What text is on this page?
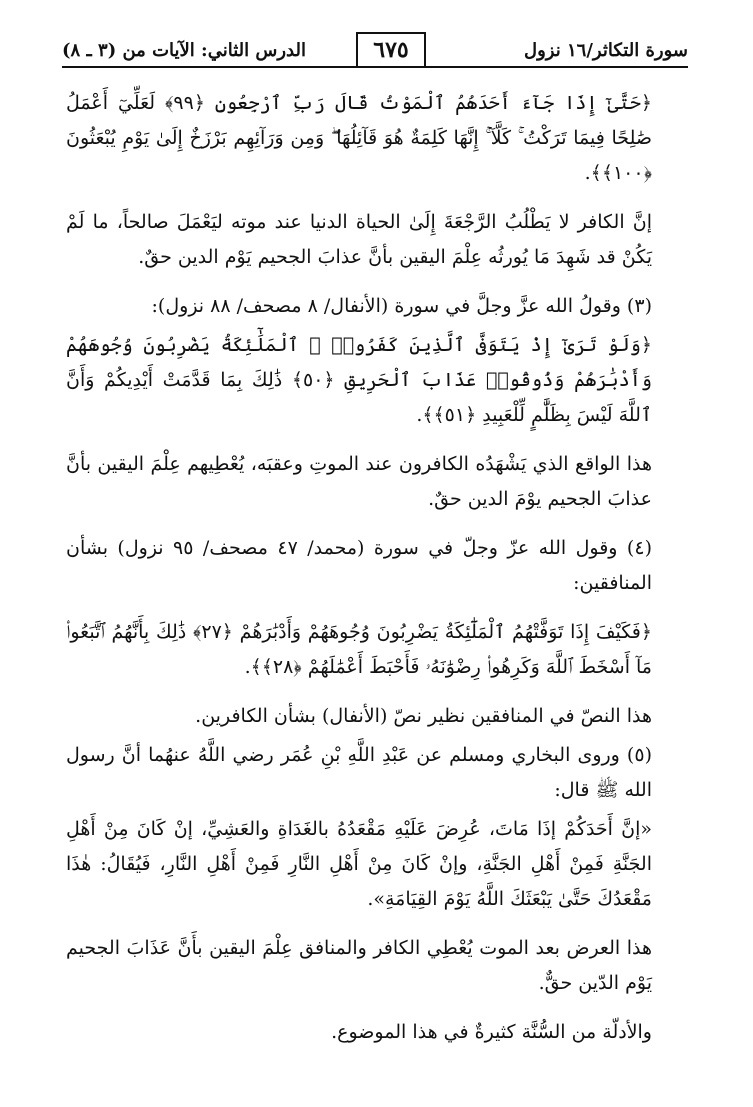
سورة التكاثر/١٦ نزول
٦٧٥
الدرس الثاني: الآيات من (٣ ـ ٨)

﴿حَتَّىٰٓ إِذَا جَآءَ أَحَدَهُمُ ٱلْمَوْتُ قَالَ رَبِّ ٱرْجِعُونِ ﴿٩٩﴾ لَعَلِّيٓ أَعْمَلُ صَٰلِحًا فِيمَا تَرَكْتُ ۚ كَلَّآ ۚ إِنَّهَا كَلِمَةٌ هُوَ قَآئِلُهَا ۖ وَمِن وَرَآئِهِم بَرْزَخٌ إِلَىٰ يَوْمِ يُبْعَثُونَ ﴿١٠٠﴾﴾.

إنَّ الكافر لا يَطْلُبُ الرَّجْعَةَ إِلَىٰ الحياة الدنيا عند موته ليَعْمَلَ صالحاً، ما لَمْ يَكُنْ قد شَهِدَ مَا يُورثُه عِلْمَ اليقين بأنَّ عذابَ الجحيم يَوْم الدين حقٌ.

(٣) وقولُ الله عزَّ وجلَّ في سورة (الأنفال/ ٨ مصحف/ ٨٨ نزول):

﴿وَلَوْ تَرَىٰٓ إِذْ يَتَوَفَّى ٱلَّذِينَ كَفَرُوا۟ ۙ ٱلْمَلَٰٓئِكَةُ يَضْرِبُونَ وُجُوهَهُمْ وَأَدْبَٰرَهُمْ وَذُوقُوا۟ عَذَابَ ٱلْحَرِيقِ ﴿٥٠﴾ ذَٰلِكَ بِمَا قَدَّمَتْ أَيْدِيكُمْ وَأَنَّ ٱللَّهَ لَيْسَ بِظَلَّٰمٍ لِّلْعَبِيدِ ﴿٥١﴾﴾.

هذا الواقع الذي يَشْهَدُه الكافرون عند الموتِ وعقبَه، يُعْطِيهم عِلْمَ اليقين بأنَّ عذابَ الجحيم يوْمَ الدين حقٌ.

(٤) وقول الله عزّ وجلّ في سورة (محمد/ ٤٧ مصحف/ ٩٥ نزول) بشأن المنافقين:

﴿فَكَيْفَ إِذَا تَوَفَّتْهُمُ ٱلْمَلَٰٓئِكَةُ يَضْرِبُونَ وُجُوهَهُمْ وَأَدْبَٰرَهُمْ ﴿٢٧﴾ ذَٰلِكَ بِأَنَّهُمُ ٱتَّبَعُوا۟ مَآ أَسْخَطَ ٱللَّهَ وَكَرِهُوا۟ رِضْوَٰنَهُۥ فَأَحْبَطَ أَعْمَٰلَهُمْ ﴿٢٨﴾﴾.

هذا النصّ في المنافقين نظير نصّ (الأنفال) بشأن الكافرين.

(٥) وروى البخاري ومسلم عن عَبْدِ اللَّهِ بْنِ عُمَر رضي اللَّهُ عنهُما أنَّ رسول الله ﷺ قال:

«إنَّ أَحَدَكُمْ إذَا مَاتَ، عُرِضَ عَلَيْهِ مَقْعَدُهُ بالغَدَاةِ والعَشِيِّ، إنْ كَانَ مِنْ أَهْلِ الجَنَّةِ فَمِنْ أَهْلِ الجَنَّةِ، وإنْ كَانَ مِنْ أَهْلِ النَّارِ فَمِنْ أَهْلِ النَّارِ، فَيُقَالُ: هٰذَا مَقْعَدُكَ حَتَّىٰ يَبْعَثَكَ اللَّهُ يَوْمَ القِيَامَةِ».

هذا العرض بعد الموت يُعْطِي الكافر والمنافق عِلْمَ اليقين بأَنَّ عَذَابَ الجحيم يَوْم الدّين حقٌّ.

والأدلّة من السُّنَّة كثيرةٌ في هذا الموضوع.
